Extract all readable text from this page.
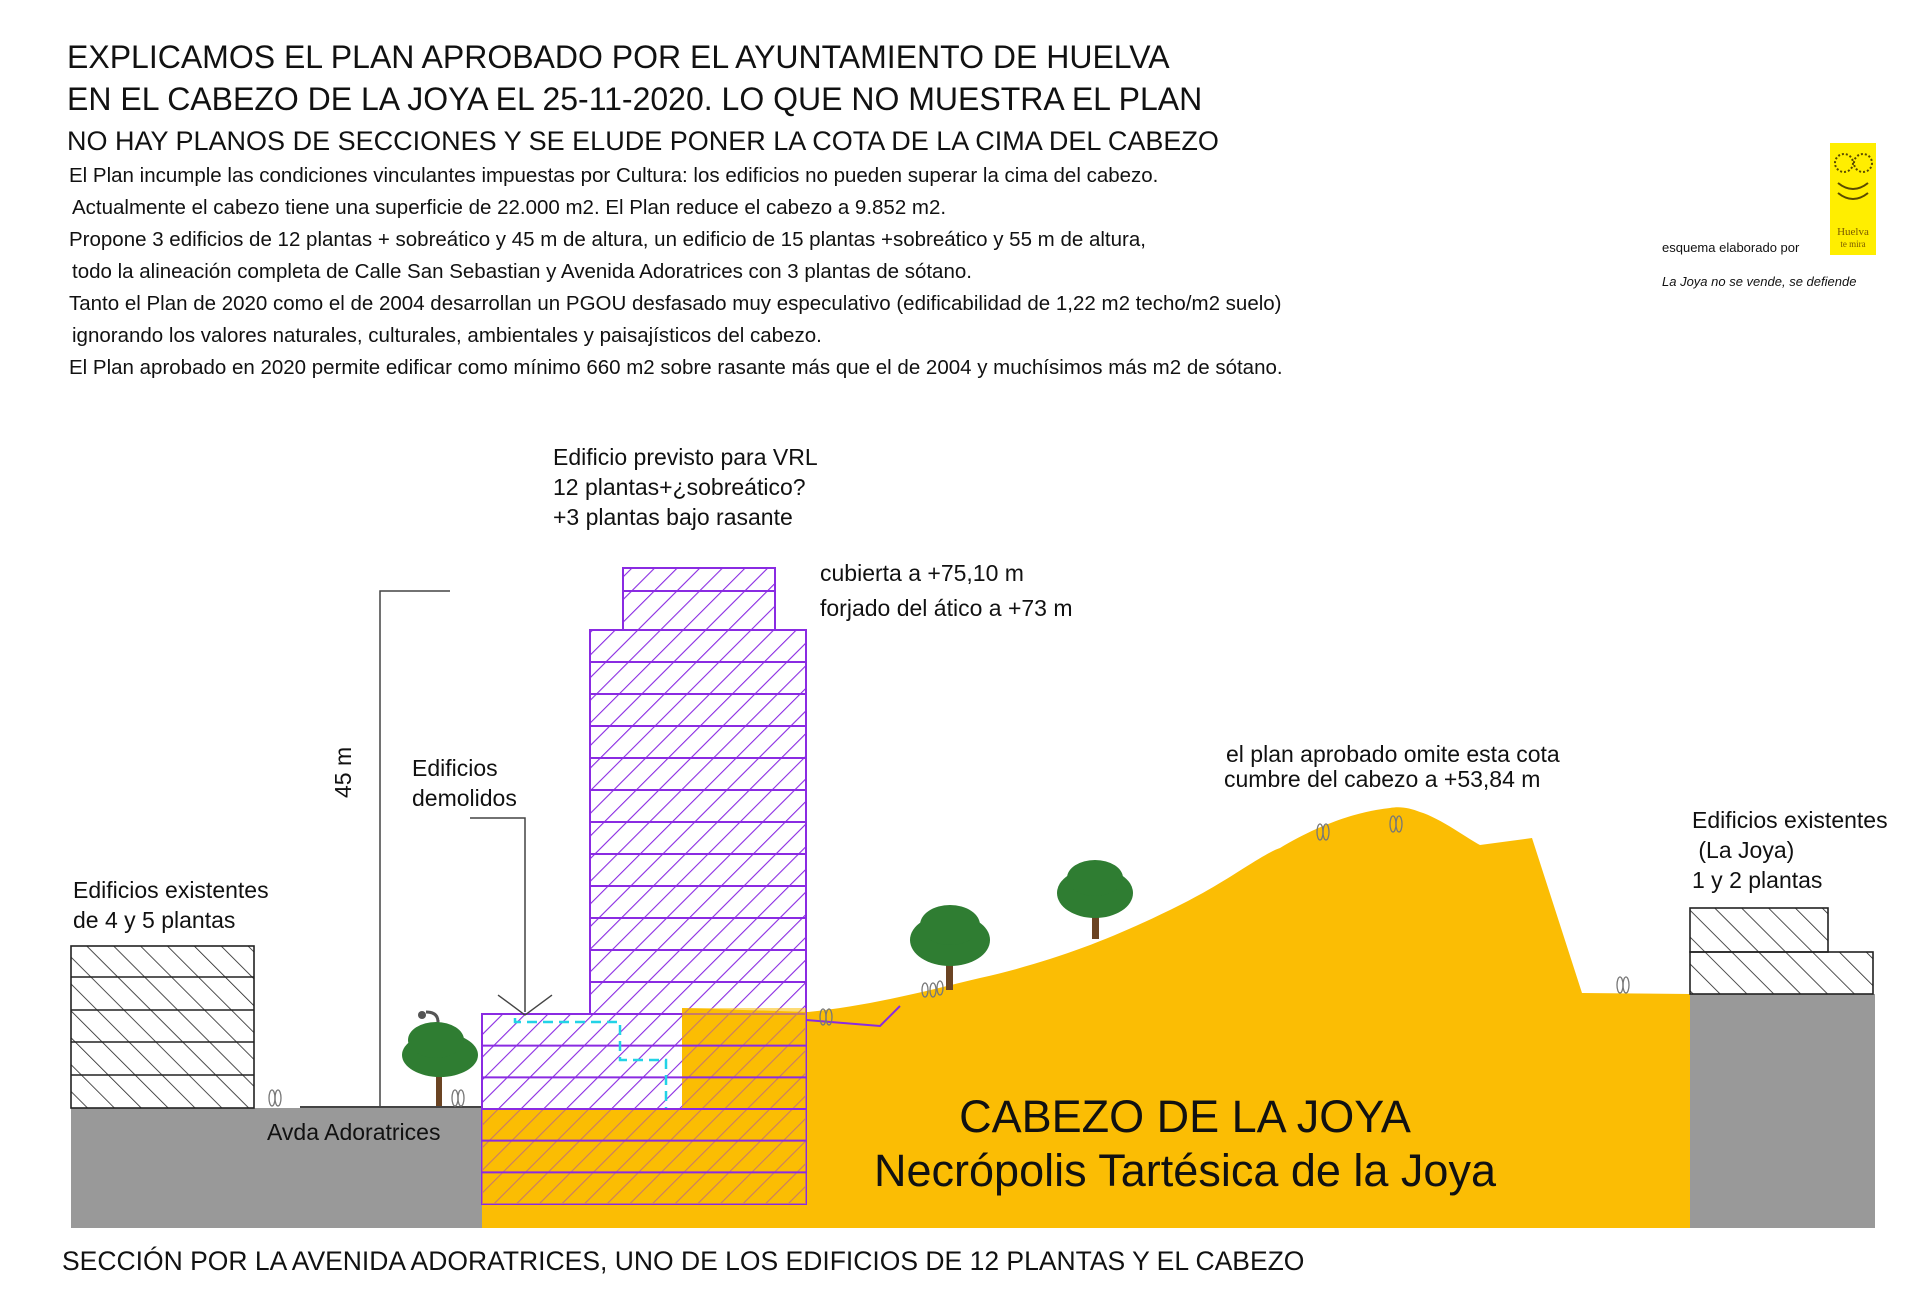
EXPLICAMOS EL PLAN APROBADO POR EL AYUNTAMIENTO DE HUELVA
EN EL CABEZO DE LA JOYA EL 25-11-2020. LO QUE NO MUESTRA EL PLAN
NO HAY PLANOS DE SECCIONES Y SE ELUDE PONER LA COTA DE LA CIMA DEL CABEZO
El Plan incumple las condiciones vinculantes impuestas por Cultura: los edificios no pueden superar la cima del cabezo.
Actualmente el cabezo tiene una superficie de 22.000 m2. El Plan reduce el cabezo a 9.852 m2.
Propone 3 edificios de 12 plantas + sobreático y 45 m de altura, un edificio de 15 plantas +sobreático y 55 m de altura,
todo la alineación completa de Calle San Sebastian y Avenida Adoratrices con 3 plantas de sótano.
Tanto el Plan de 2020 como el de 2004 desarrollan un PGOU desfasado muy especulativo (edificabilidad de 1,22 m2 techo/m2 suelo)
ignorando los valores naturales, culturales, ambientales y paisajísticos del cabezo.
El Plan aprobado en 2020 permite edificar como mínimo 660 m2 sobre rasante más que el de 2004 y muchísimos más m2 de sótano.
Huelva
te mira
esquema elaborado por
La Joya no se vende, se defiende
Edificio previsto para VRL
12 plantas+¿sobreático?
+3 plantas bajo rasante
cubierta a +75,10 m
forjado del ático a +73 m
45 m Edificios
demolidos
Edificios existentes
de 4 y 5 plantas
Avda Adoratrices
el plan aprobado omite esta cota
cumbre del cabezo a +53,84 m
Edificios existentes
(La Joya)
1 y 2 plantas
CABEZO DE LA JOYA
Necrópolis Tartésica de la Joya
SECCIÓN POR LA AVENIDA ADORATRICES, UNO DE LOS EDIFICIOS DE 12 PLANTAS Y EL CABEZO
